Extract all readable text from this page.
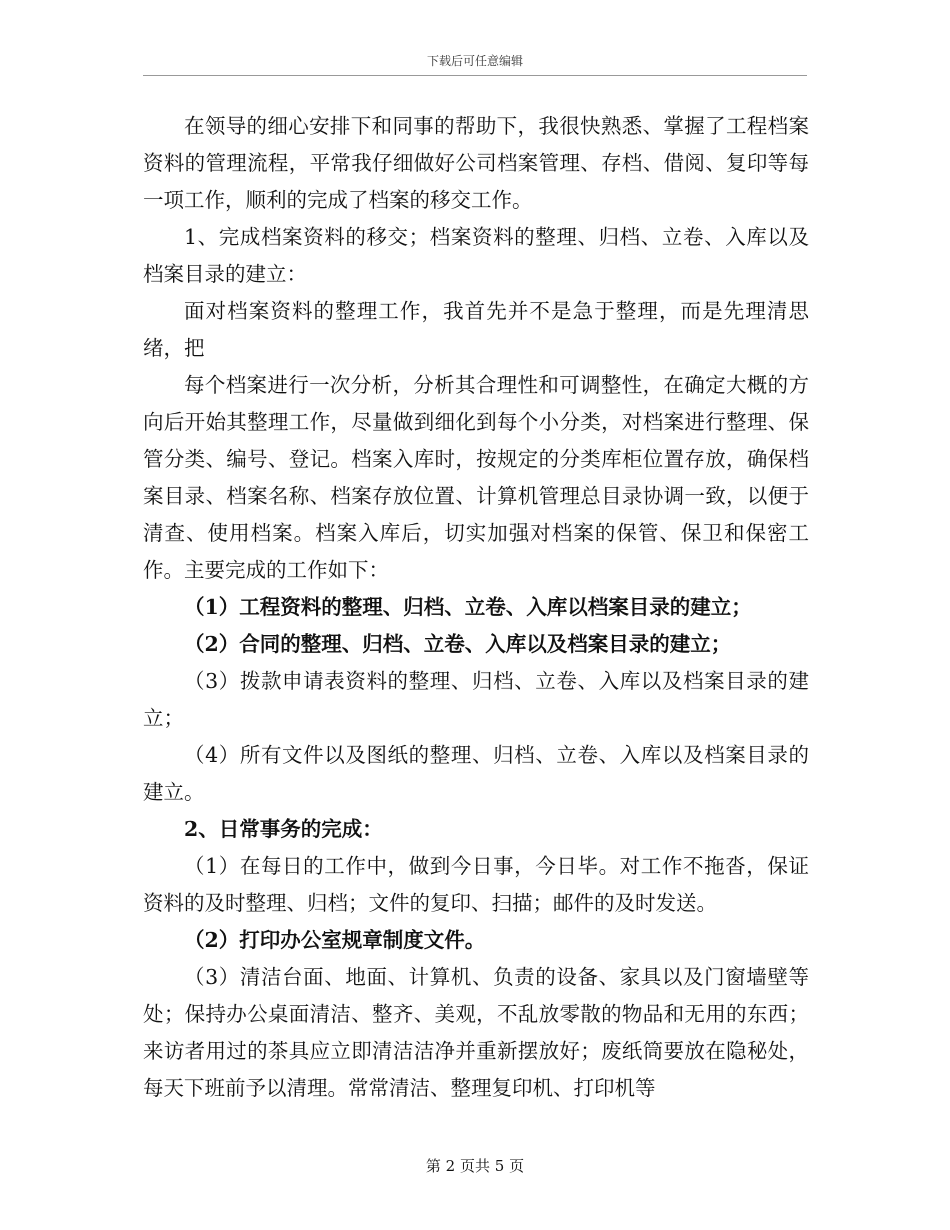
下载后可任意编辑

在领导的细心安排下和同事的帮助下，我很快熟悉、掌握了工程档案资料的管理流程，平常我仔细做好公司档案管理、存档、借阅、复印等每一项工作，顺利的完成了档案的移交工作。

1、完成档案资料的移交；档案资料的整理、归档、立卷、入库以及档案目录的建立：

面对档案资料的整理工作，我首先并不是急于整理，而是先理清思绪，把

每个档案进行一次分析，分析其合理性和可调整性，在确定大概的方向后开始其整理工作，尽量做到细化到每个小分类，对档案进行整理、保管分类、编号、登记。档案入库时，按规定的分类库柜位置存放，确保档案目录、档案名称、档案存放位置、计算机管理总目录协调一致，以便于清查、使用档案。档案入库后，切实加强对档案的保管、保卫和保密工作。主要完成的工作如下：

（1）工程资料的整理、归档、立卷、入库以档案目录的建立；

（2）合同的整理、归档、立卷、入库以及档案目录的建立；

（3）拨款申请表资料的整理、归档、立卷、入库以及档案目录的建立；

（4）所有文件以及图纸的整理、归档、立卷、入库以及档案目录的建立。

2、日常事务的完成：

（1）在每日的工作中，做到今日事，今日毕。对工作不拖沓，保证资料的及时整理、归档；文件的复印、扫描；邮件的及时发送。

（2）打印办公室规章制度文件。

（3）清洁台面、地面、计算机、负责的设备、家具以及门窗墙壁等处；保持办公桌面清洁、整齐、美观，不乱放零散的物品和无用的东西；来访者用过的茶具应立即清洁洁净并重新摆放好；废纸筒要放在隐秘处，每天下班前予以清理。常常清洁、整理复印机、打印机等

第 2 页共 5 页
